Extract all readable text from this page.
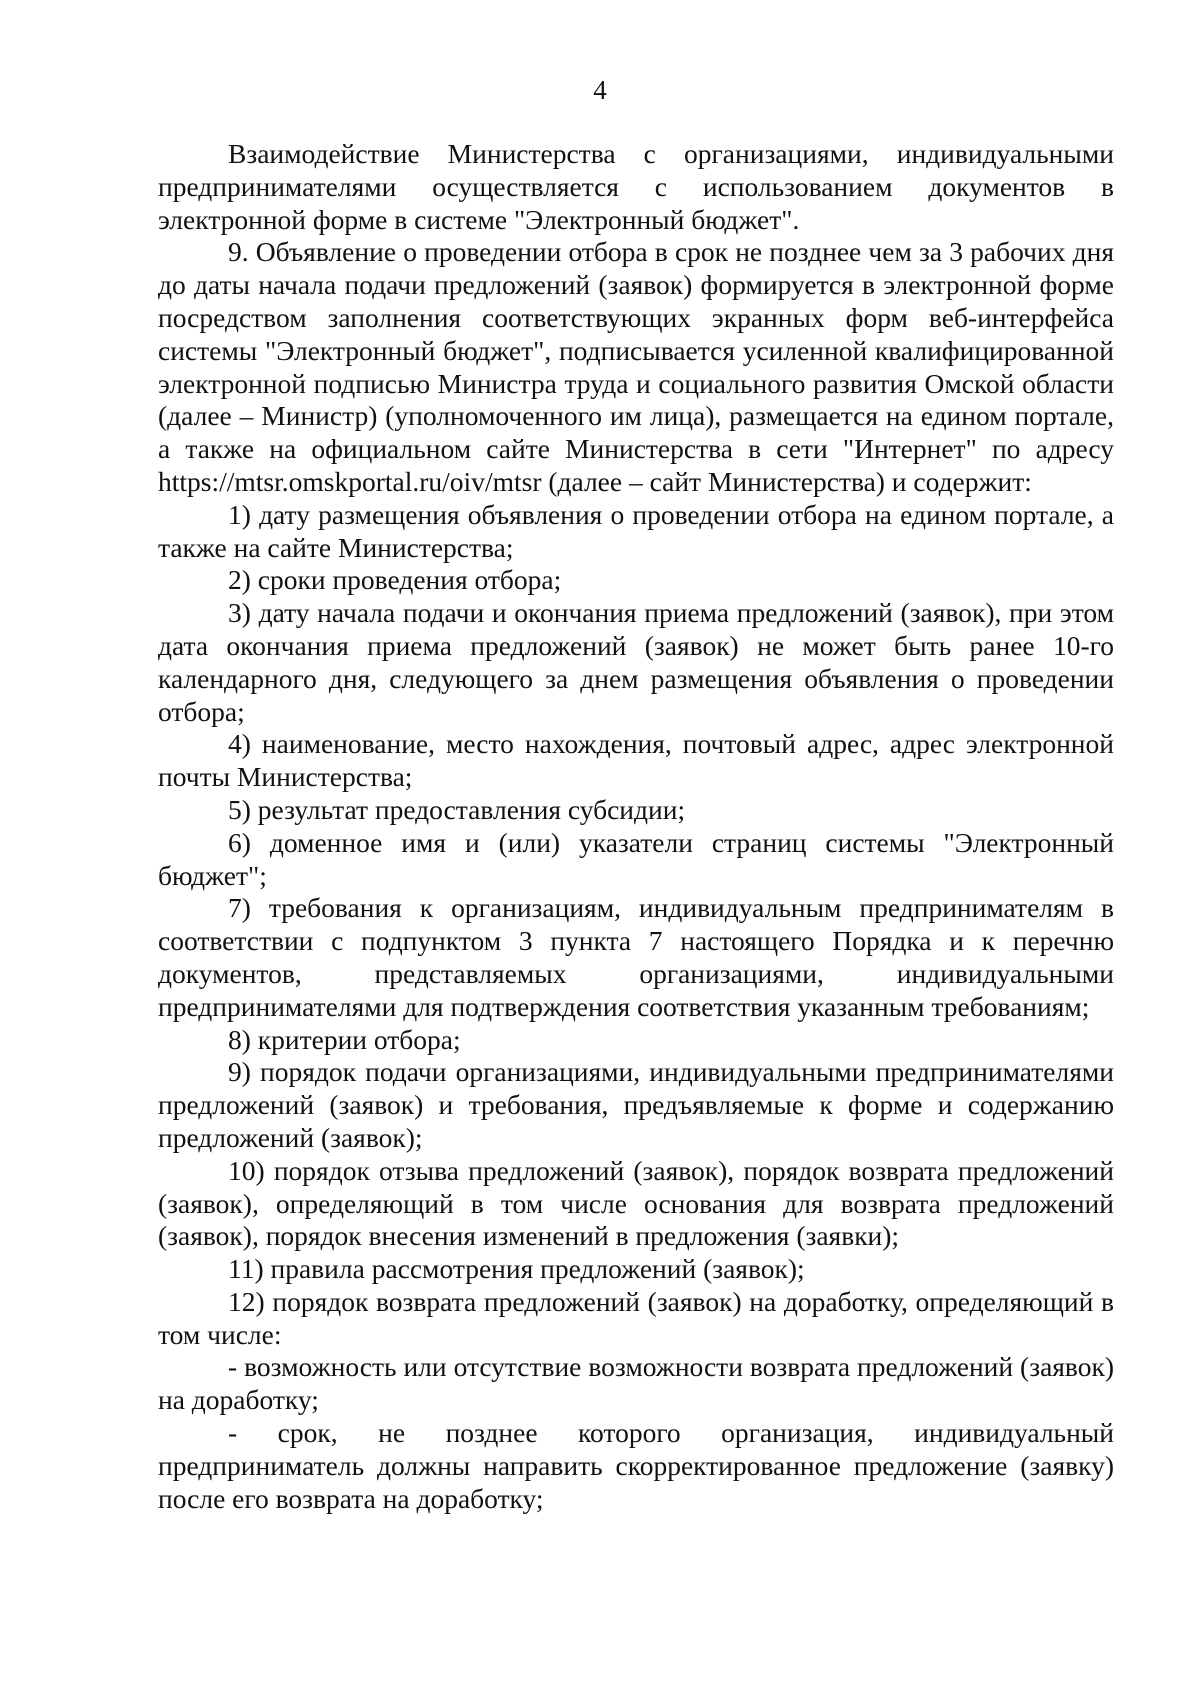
4

Взаимодействие Министерства с организациями, индивидуальными предпринимателями осуществляется с использованием документов в электронной форме в системе "Электронный бюджет".

9. Объявление о проведении отбора в срок не позднее чем за 3 рабочих дня до даты начала подачи предложений (заявок) формируется в электронной форме посредством заполнения соответствующих экранных форм веб-интерфейса системы "Электронный бюджет", подписывается усиленной квалифицированной электронной подписью Министра труда и социального развития Омской области (далее – Министр) (уполномоченного им лица), размещается на едином портале, а также на официальном сайте Министерства в сети "Интернет" по адресу https://mtsr.omskportal.ru/oiv/mtsr (далее – сайт Министерства) и содержит:

1) дату размещения объявления о проведении отбора на едином портале, а также на сайте Министерства;

2) сроки проведения отбора;

3) дату начала подачи и окончания приема предложений (заявок), при этом дата окончания приема предложений (заявок) не может быть ранее 10-го календарного дня, следующего за днем размещения объявления о проведении отбора;

4) наименование, место нахождения, почтовый адрес, адрес электронной почты Министерства;

5) результат предоставления субсидии;

6) доменное имя и (или) указатели страниц системы "Электронный бюджет";

7) требования к организациям, индивидуальным предпринимателям в соответствии с подпунктом 3 пункта 7 настоящего Порядка и к перечню документов, представляемых организациями, индивидуальными предпринимателями для подтверждения соответствия указанным требованиям;

8) критерии отбора;

9) порядок подачи организациями, индивидуальными предпринимателями предложений (заявок) и требования, предъявляемые к форме и содержанию предложений (заявок);

10) порядок отзыва предложений (заявок), порядок возврата предложений (заявок), определяющий в том числе основания для возврата предложений (заявок), порядок внесения изменений в предложения (заявки);

11) правила рассмотрения предложений (заявок);

12) порядок возврата предложений (заявок) на доработку, определяющий в том числе:

- возможность или отсутствие возможности возврата предложений (заявок) на доработку;

- срок, не позднее которого организация, индивидуальный предприниматель должны направить скорректированное предложение (заявку) после его возврата на доработку;
